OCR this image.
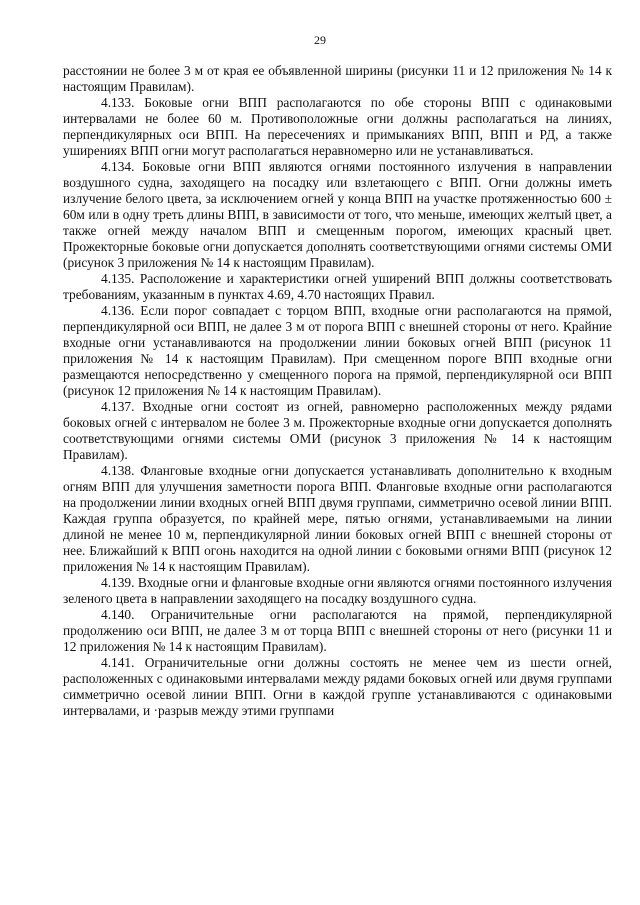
29

расстоянии не более 3 м от края ее объявленной ширины (рисунки 11 и 12 приложения № 14 к настоящим Правилам).

4.133. Боковые огни ВПП располагаются по обе стороны ВПП с одинаковыми интервалами не более 60 м. Противоположные огни должны располагаться на линиях, перпендикулярных оси ВПП. На пересечениях и примыканиях ВПП, ВПП и РД, а также уширениях ВПП огни могут располагаться неравномерно или не устанавливаться.

4.134. Боковые огни ВПП являются огнями постоянного излучения в направлении воздушного судна, заходящего на посадку или взлетающего с ВПП. Огни должны иметь излучение белого цвета, за исключением огней у конца ВПП на участке протяженностью 600 ± 60м или в одну треть длины ВПП, в зависимости от того, что меньше, имеющих желтый цвет, а также огней между началом ВПП и смещенным порогом, имеющих красный цвет. Прожекторные боковые огни допускается дополнять соответствующими огнями системы ОМИ (рисунок 3 приложения № 14 к настоящим Правилам).

4.135. Расположение и характеристики огней уширений ВПП должны соответствовать требованиям, указанным в пунктах 4.69, 4.70 настоящих Правил.

4.136. Если порог совпадает с торцом ВПП, входные огни располагаются на прямой, перпендикулярной оси ВПП, не далее 3 м от порога ВПП с внешней стороны от него. Крайние входные огни устанавливаются на продолжении линии боковых огней ВПП (рисунок 11 приложения № 14 к настоящим Правилам). При смещенном пороге ВПП входные огни размещаются непосредственно у смещенного порога на прямой, перпендикулярной оси ВПП (рисунок 12 приложения № 14 к настоящим Правилам).

4.137. Входные огни состоят из огней, равномерно расположенных между рядами боковых огней с интервалом не более 3 м. Прожекторные входные огни допускается дополнять соответствующими огнями системы ОМИ (рисунок 3 приложения № 14 к настоящим Правилам).

4.138. Фланговые входные огни допускается устанавливать дополнительно к входным огням ВПП для улучшения заметности порога ВПП. Фланговые входные огни располагаются на продолжении линии входных огней ВПП двумя группами, симметрично осевой линии ВПП. Каждая группа образуется, по крайней мере, пятью огнями, устанавливаемыми на линии длиной не менее 10 м, перпендикулярной линии боковых огней ВПП с внешней стороны от нее. Ближайший к ВПП огонь находится на одной линии с боковыми огнями ВПП (рисунок 12 приложения № 14 к настоящим Правилам).

4.139. Входные огни и фланговые входные огни являются огнями постоянного излучения зеленого цвета в направлении заходящего на посадку воздушного судна.

4.140. Ограничительные огни располагаются на прямой, перпендикулярной продолжению оси ВПП, не далее 3 м от торца ВПП с внешней стороны от него (рисунки 11 и 12 приложения № 14 к настоящим Правилам).

4.141. Ограничительные огни должны состоять не менее чем из шести огней, расположенных с одинаковыми интервалами между рядами боковых огней или двумя группами симметрично осевой линии ВПП. Огни в каждой группе устанавливаются с одинаковыми интервалами, и ·разрыв между этими группами
